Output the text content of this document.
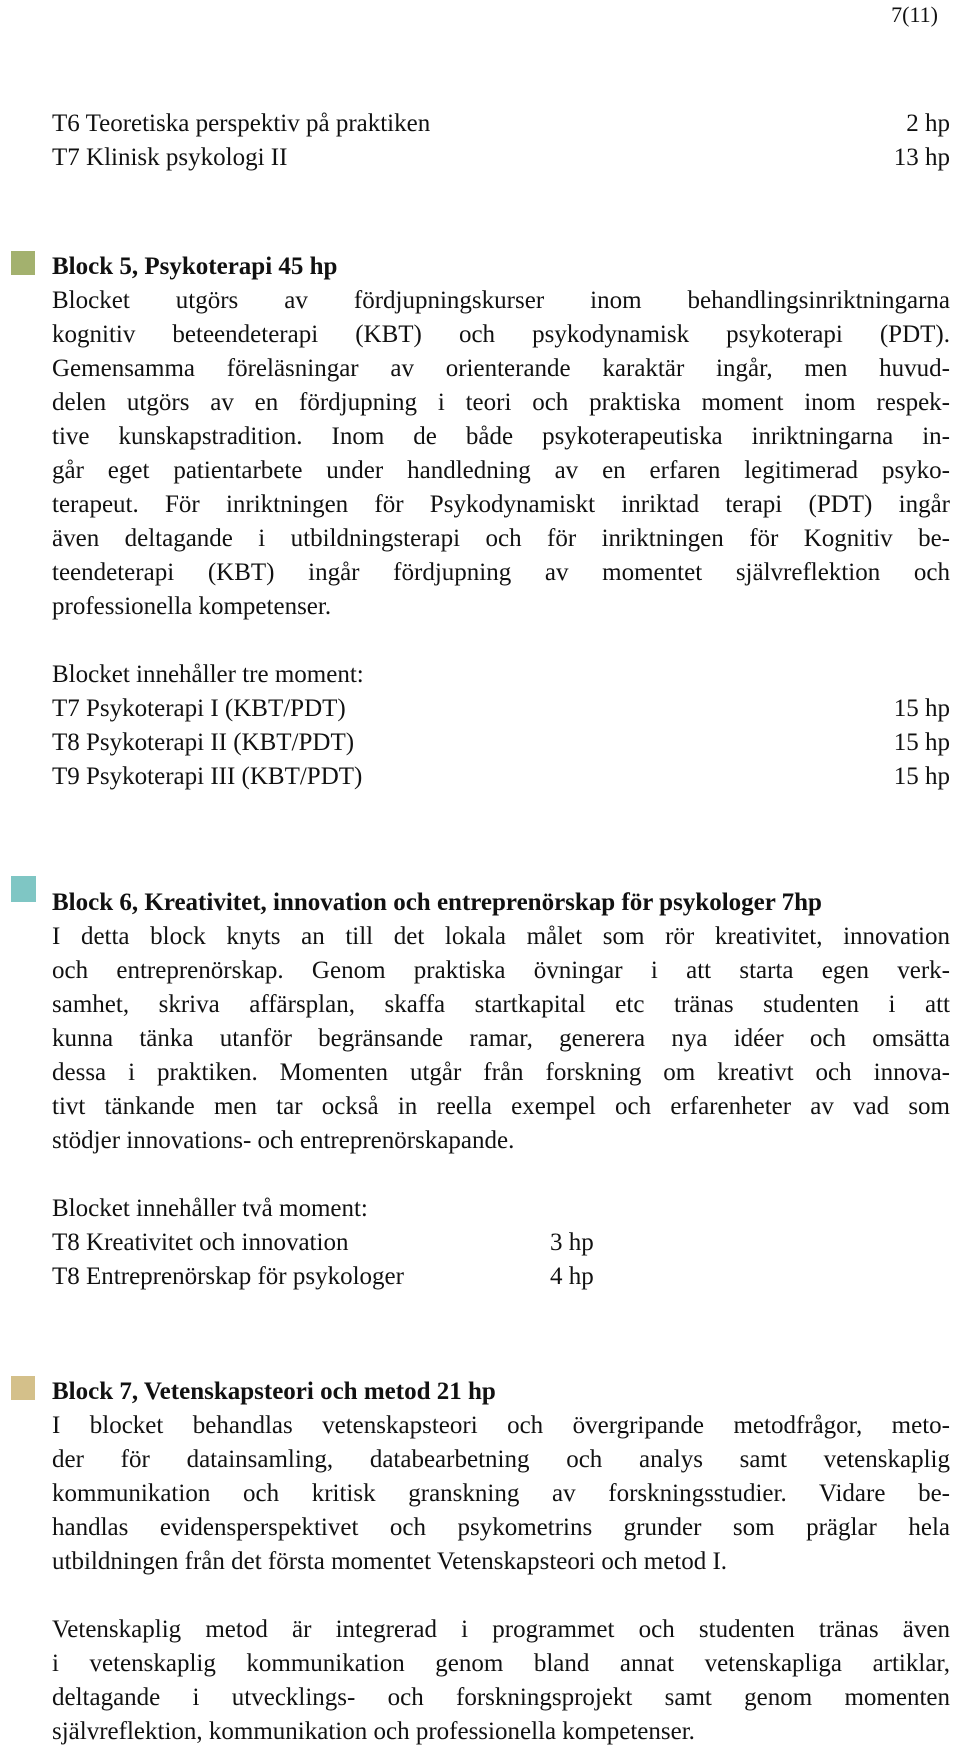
7(11)
T6 Teoretiska perspektiv på praktiken	2 hp
T7 Klinisk psykologi II	13 hp
Block 5, Psykoterapi 45 hp
Blocket utgörs av fördjupningskurser inom behandlingsinriktningarna
kognitiv beteendeterapi (KBT) och psykodynamisk psykoterapi (PDT).
Gemensamma föreläsningar av orienterande karaktär ingår, men huvud-
delen utgörs av en fördjupning i teori och praktiska moment inom respek-
tive kunskapstradition. Inom de både psykoterapeutiska inriktningarna in-
går eget patientarbete under handledning av en erfaren legitimerad psyko-
terapeut. För inriktningen för Psykodynamiskt inriktad terapi (PDT) ingår
även deltagande i utbildningsterapi och för inriktningen för Kognitiv be-
teendeterapi (KBT) ingår fördjupning av momentet självreflektion och
professionella kompetenser.
Blocket innehåller tre moment:
T7 Psykoterapi I (KBT/PDT)	15 hp
T8 Psykoterapi II (KBT/PDT)	15 hp
T9 Psykoterapi III (KBT/PDT)	15 hp
Block 6, Kreativitet, innovation och entreprenörskap för psykologer 7hp
I detta block knyts an till det lokala målet som rör kreativitet, innovation
och entreprenörskap. Genom praktiska övningar i att starta egen verk-
samhet, skriva affärsplan, skaffa startkapital etc tränas studenten i att
kunna tänka utanför begränsande ramar, generera nya idéer och omsätta
dessa i praktiken. Momenten utgår från forskning om kreativt och innova-
tivt tänkande men tar också in reella exempel och erfarenheter av vad som
stödjer innovations- och entreprenörskapande.
Blocket innehåller två moment:
T8 Kreativitet och innovation	3 hp
T8 Entreprenörskap för psykologer	4 hp
Block 7, Vetenskapsteori och metod 21 hp
I blocket behandlas vetenskapsteori och övergripande metodfrågor, meto-
der för datainsamling, databearbetning och analys samt vetenskaplig
kommunikation och kritisk granskning av forskningsstudier. Vidare be-
handlas evidensperspektivet och psykometrins grunder som präglar hela
utbildningen från det första momentet Vetenskapsteori och metod I.
Vetenskaplig metod är integrerad i programmet och studenten tränas även
i vetenskaplig kommunikation genom bland annat vetenskapliga artiklar,
deltagande i utvecklings- och forskningsprojekt samt genom momenten
självreflektion, kommunikation och professionella kompetenser.
